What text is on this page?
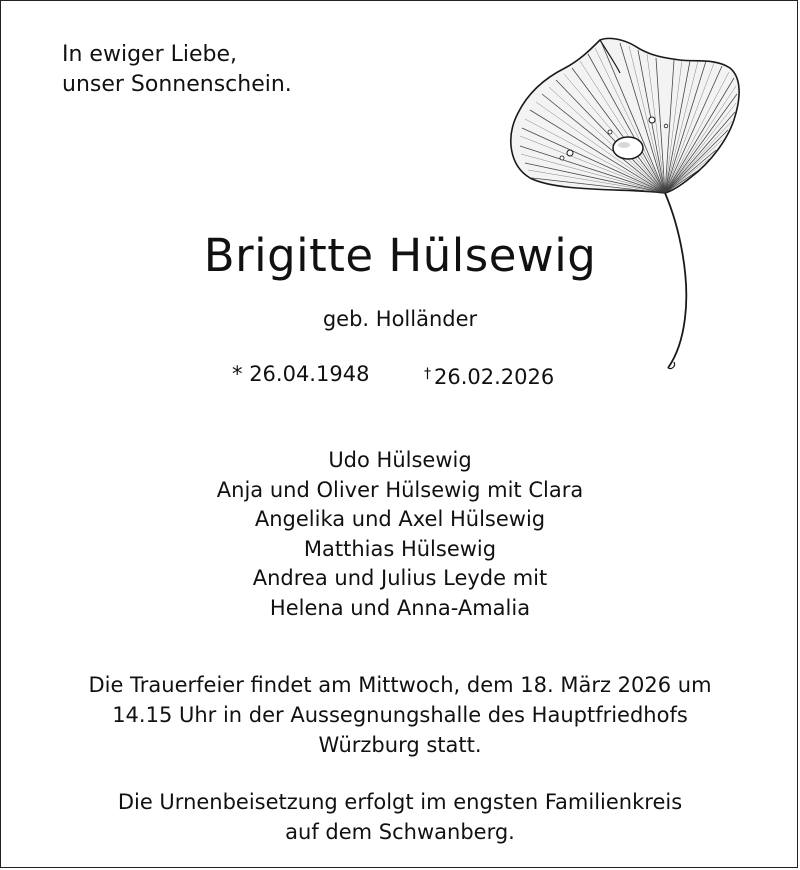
In ewiger Liebe,
unser Sonnenschein.
Brigitte Hülsewig
geb. Holländer
* 26.04.1948	† 26.02.2026
Udo Hülsewig
Anja und Oliver Hülsewig mit Clara
Angelika und Axel Hülsewig
Matthias Hülsewig
Andrea und Julius Leyde mit
Helena und Anna-Amalia
Die Trauerfeier findet am Mittwoch, dem 18. März 2026 um
14.15 Uhr in der Aussegnungshalle des Hauptfriedhofs
Würzburg statt.
Die Urnenbeisetzung erfolgt im engsten Familienkreis
auf dem Schwanberg.
